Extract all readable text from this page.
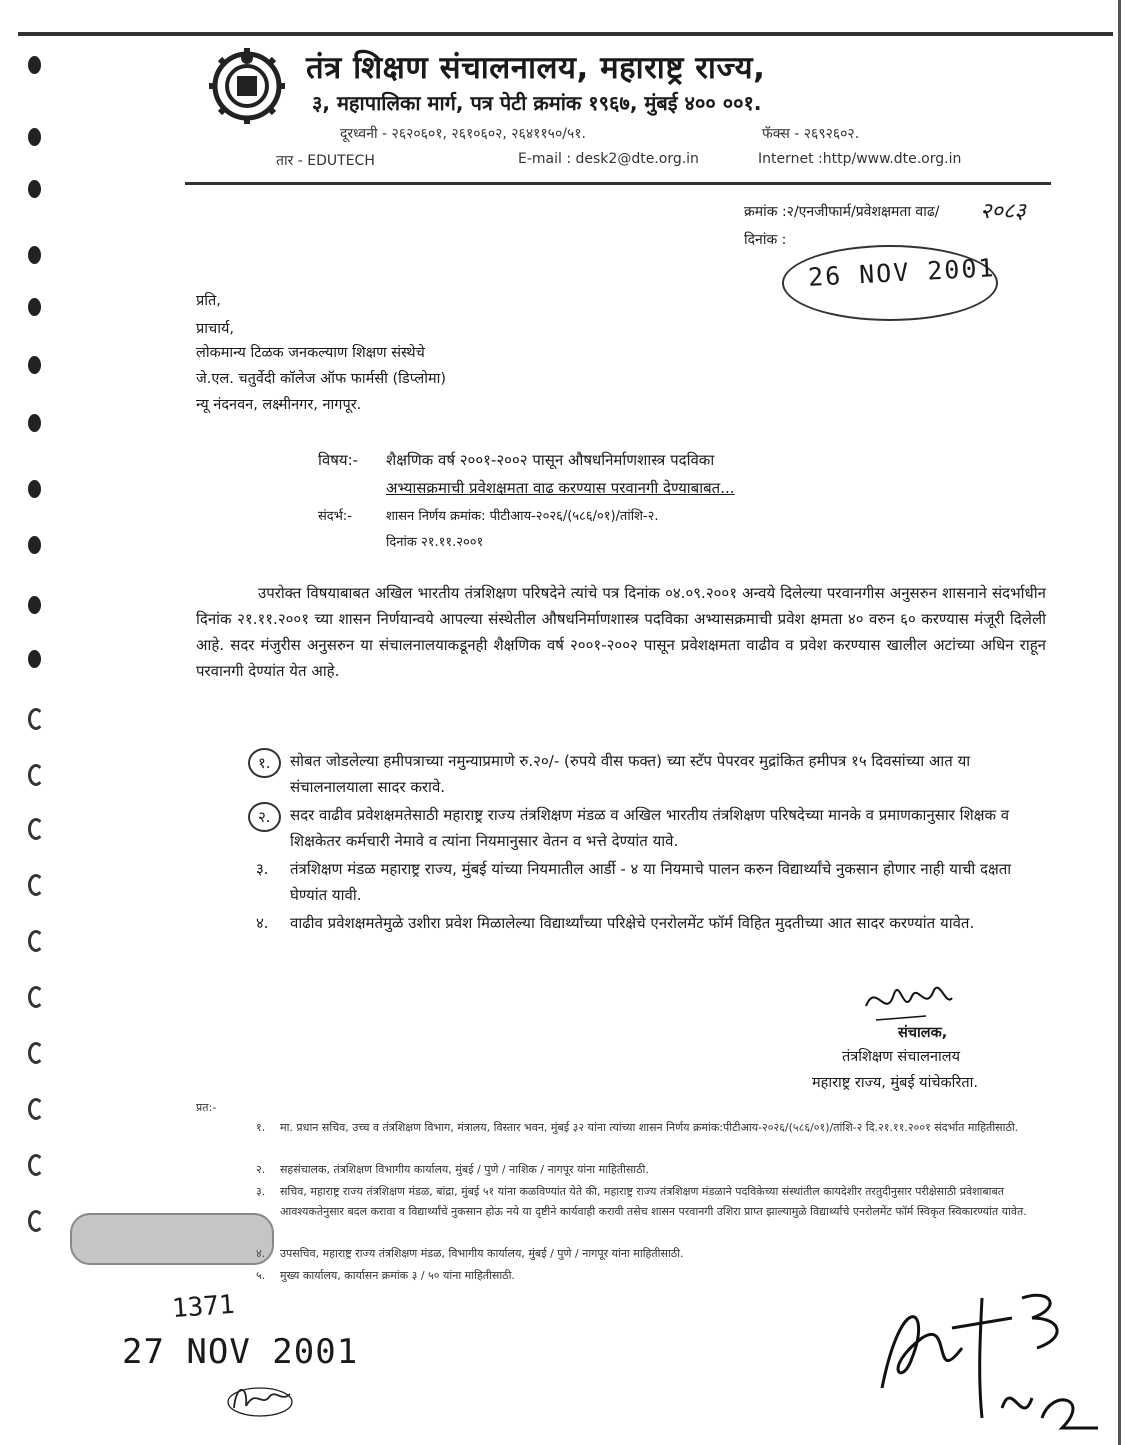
तंत्र शिक्षण संचालनालय, महाराष्ट्र राज्य,
३, महापालिका मार्ग, पत्र पेटी क्रमांक १९६७, मुंबई ४०० ००१.
दूरध्वनी - २६२०६०१, २६१०६०२, २६४११५०/५१.	फॅक्स - २६९२६०२.
तार - EDUTECH	E-mail : desk2@dte.org.in	Internet :http/www.dte.org.in
क्रमांक :२/एनजीफार्म/प्रवेशक्षमता वाढ/ २०८३
दिनांक :
26 NOV 2001
प्रति,
प्राचार्य,
लोकमान्य टिळक जनकल्याण शिक्षण संस्थेचे
जे.एल. चतुर्वेदी कॉलेज ऑफ फार्मसी (डिप्लोमा)
न्यू नंदनवन, लक्ष्मीनगर, नागपूर.
विषय:- शैक्षणिक वर्ष २००१-२००२ पासून औषधनिर्माणशास्त्र पदविका
अभ्यासक्रमाची प्रवेशक्षमता वाढ करण्यास परवानगी देण्याबाबत...
संदर्भ:-	शासन निर्णय क्रमांक: पीटीआय-२०२६/(५८६/०१)/तांशि-२.
दिनांक २१.११.२००१
उपरोक्त विषयाबाबत अखिल भारतीय तंत्रशिक्षण परिषदेने त्यांचे पत्र दिनांक ०४.०९.२००१ अन्वये दिलेल्या परवानगीस अनुसरुन शासनाने संदर्भाधीन दिनांक २१.११.२००१ च्या शासन निर्णयान्वये आपल्या संस्थेतील औषधनिर्माणशास्त्र पदविका अभ्यासक्रमाची प्रवेश क्षमता ४० वरुन ६० करण्यास मंजूरी दिलेली आहे. सदर मंजुरीस अनुसरुन या संचालनालयाकडूनही शैक्षणिक वर्ष २००१-२००२ पासून प्रवेशक्षमता वाढीव व प्रवेश करण्यास खालील अटांच्या अधिन राहून परवानगी देण्यांत येत आहे.
१.	सोबत जोडलेल्या हमीपत्राच्या नमुन्याप्रमाणे रु.२०/- (रुपये वीस फक्त) च्या स्टॅप पेपरवर मुद्रांकित हमीपत्र १५ दिवसांच्या आत या संचालनालयाला सादर करावे.
२.	सदर वाढीव प्रवेशक्षमतेसाठी महाराष्ट्र राज्य तंत्रशिक्षण मंडळ व अखिल भारतीय तंत्रशिक्षण परिषदेच्या मानके व प्रमाणकानुसार शिक्षक व शिक्षकेतर कर्मचारी नेमावे व त्यांना नियमानुसार वेतन व भत्ते देण्यांत यावे.
३. तंत्रशिक्षण मंडळ महाराष्ट्र राज्य, मुंबई यांच्या नियमातील आर्डी - ४ या नियमाचे पालन करुन विद्यार्थ्यांचे नुकसान होणार नाही याची दक्षता घेण्यांत यावी.
४. वाढीव प्रवेशक्षमतेमुळे उशीरा प्रवेश मिळालेल्या विद्यार्थ्यांच्या परिक्षेचे एनरोलमेंट फॉर्म विहित मुदतीच्या आत सादर करण्यांत यावेत.
संचालक,
तंत्रशिक्षण संचालनालय
महाराष्ट्र राज्य, मुंबई यांचेकरिता.
प्रत:-
१. मा. प्रधान सचिव, उच्च व तंत्रशिक्षण विभाग, मंत्रालय, विस्तार भवन, मुंबई ३२ यांना त्यांच्या शासन निर्णय क्रमांक:पीटीआय-२०२६/(५८६/०१)/तांशि-२ दि.२१.११.२००१ संदर्भात माहितीसाठी.
२. सहसंचालक, तंत्रशिक्षण विभागीय कार्यालय, मुंबई / पुणे / नाशिक / नागपूर यांना माहितीसाठी.
३. सचिव, महाराष्ट्र राज्य तंत्रशिक्षण मंडळ, बांद्रा, मुंबई ५१ यांना कळविण्यांत येते की, महाराष्ट्र राज्य तंत्रशिक्षण मंडळाने पदविकेच्या संस्थांतील कायदेशीर तरतुदीनुसार परीक्षेसाठी प्रवेशाबाबत आवश्यकतेनुसार बदल करावा व विद्यार्थ्यांचे नुकसान होऊ नये या दृष्टीने कार्यवाही करावी तसेच शासन परवानगी उशिरा प्राप्त झाल्यामुळे विद्यार्थ्यांचे एनरोलमेंट फॉर्म स्विकृत स्विकारण्यांत यावेत.
४. उपसचिव, महाराष्ट्र राज्य तंत्रशिक्षण मंडळ, विभागीय कार्यालय, मुंबई / पुणे / नागपूर यांना माहितीसाठी.
५. मुख्य कार्यालय, कार्यासन क्रमांक ३ / ५० यांना माहितीसाठी.
1371
27 NOV 2001
